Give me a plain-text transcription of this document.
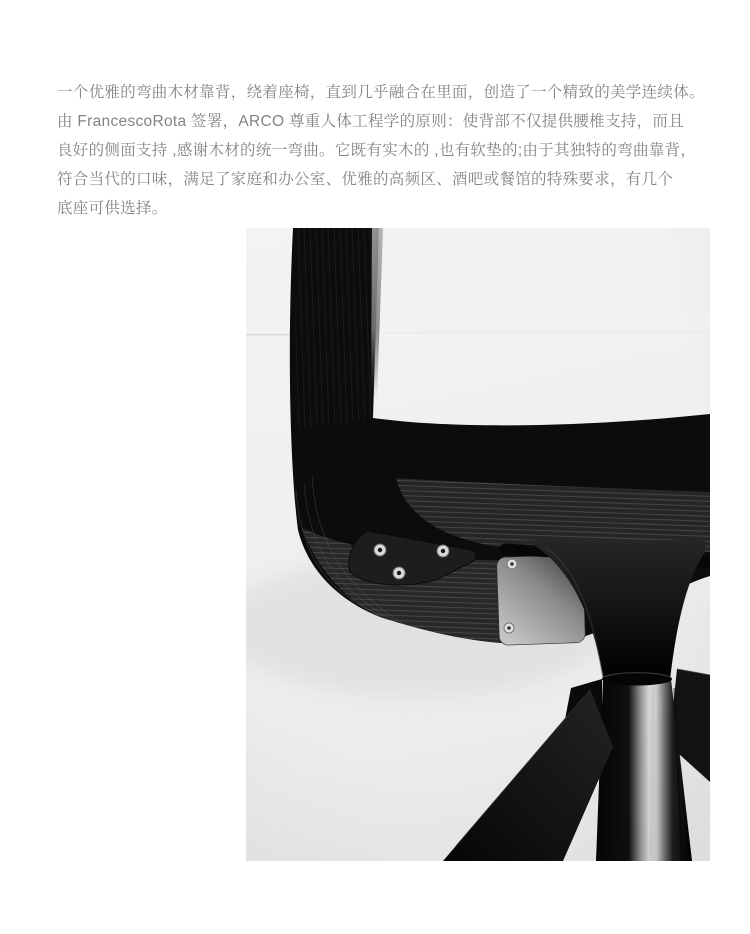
一个优雅的弯曲木材靠背，绕着座椅，直到几乎融合在里面，创造了一个精致的美学连续体。
由 FrancescoRota 签署，ARCO 尊重人体工程学的原则：使背部不仅提供腰椎支持，而且
良好的侧面支持 ,感谢木材的统一弯曲。它既有实木的 ,也有软垫的;由于其独特的弯曲靠背，
符合当代的口味，满足了家庭和办公室、优雅的高频区、酒吧或餐馆的特殊要求，有几个
底座可供选择。
